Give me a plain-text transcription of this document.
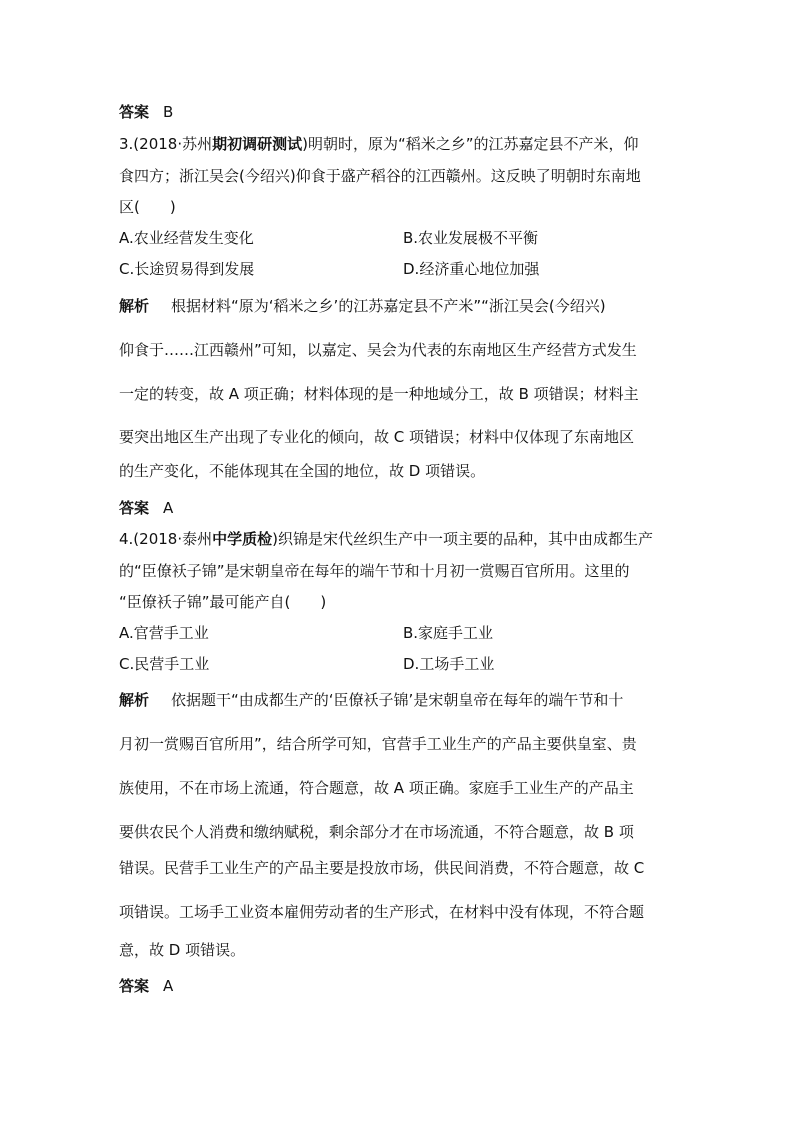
答案 B
3.(2018·苏州期初调研测试)明朝时，原为“稻米之乡”的江苏嘉定县不产米，仰
食四方；浙江吴会(今绍兴)仰食于盛产稻谷的江西赣州。这反映了明朝时东南地
区(　　)
A.农业经营发生变化	B.农业发展极不平衡
C.长途贸易得到发展	D.经济重心地位加强
解析 根据材料“原为‘稻米之乡’的江苏嘉定县不产米”“浙江吴会(今绍兴)
仰食于……江西赣州”可知，以嘉定、吴会为代表的东南地区生产经营方式发生
一定的转变，故 A 项正确；材料体现的是一种地域分工，故 B 项错误；材料主
要突出地区生产出现了专业化的倾向，故 C 项错误；材料中仅体现了东南地区
的生产变化，不能体现其在全国的地位，故 D 项错误。
答案 A
4.(2018·泰州中学质检)织锦是宋代丝织生产中一项主要的品种，其中由成都生产
的“臣僚袄子锦”是宋朝皇帝在每年的端午节和十月初一赏赐百官所用。这里的
“臣僚袄子锦”最可能产自(　　)
A.官营手工业	B.家庭手工业
C.民营手工业	D.工场手工业
解析 依据题干“由成都生产的‘臣僚袄子锦’是宋朝皇帝在每年的端午节和十
月初一赏赐百官所用”，结合所学可知，官营手工业生产的产品主要供皇室、贵
族使用，不在市场上流通，符合题意，故 A 项正确。家庭手工业生产的产品主
要供农民个人消费和缴纳赋税，剩余部分才在市场流通，不符合题意，故 B 项
错误。民营手工业生产的产品主要是投放市场，供民间消费，不符合题意，故 C
项错误。工场手工业资本雇佣劳动者的生产形式，在材料中没有体现，不符合题
意，故 D 项错误。
答案 A
